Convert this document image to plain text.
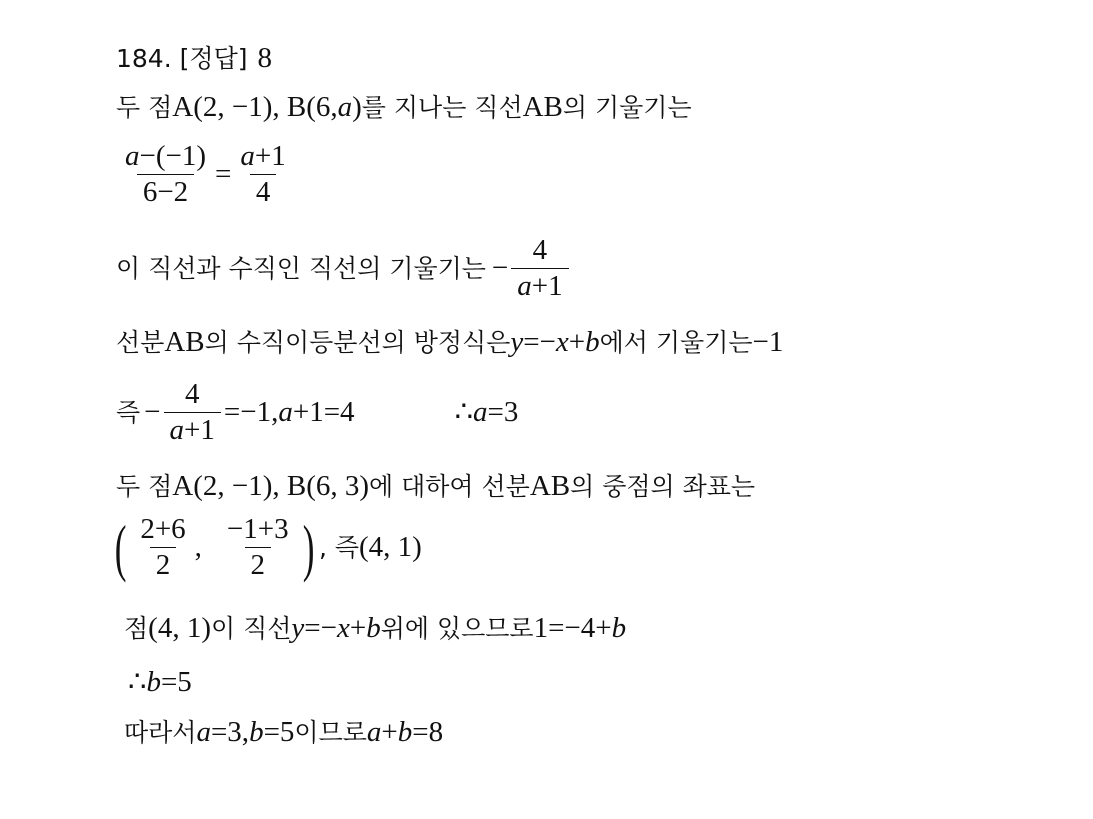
184. [정답] 8
두 점 A(2, −1), B(6, a ) 를 지나는 직선 AB 의 기울기는
$\frac{a-(-1)}{6-2} = \frac{a+1}{4}$
이 직선과 수직인 직선의 기울기는 − $\frac{4}{a+1}$
선분 AB 의 수직이등분선의 방정식은 y =− x + b 에서 기울기는 −1
즉 − $\frac{4}{a+1} =-1$, a +1=4	∴ a =3
두 점 A(2, −1), B(6, 3) 에 대하여 선분 AB 의 중점의 좌표는
( $\frac{2+6}{2}$ , $\frac{-1+3}{2}$ ) , 즉 (4, 1)
점 (4, 1) 이 직선 y =− x + b 위에 있으므로 1=−4+ b
∴ b =5
따라서 a =3, b =5 이므로 a + b =8
